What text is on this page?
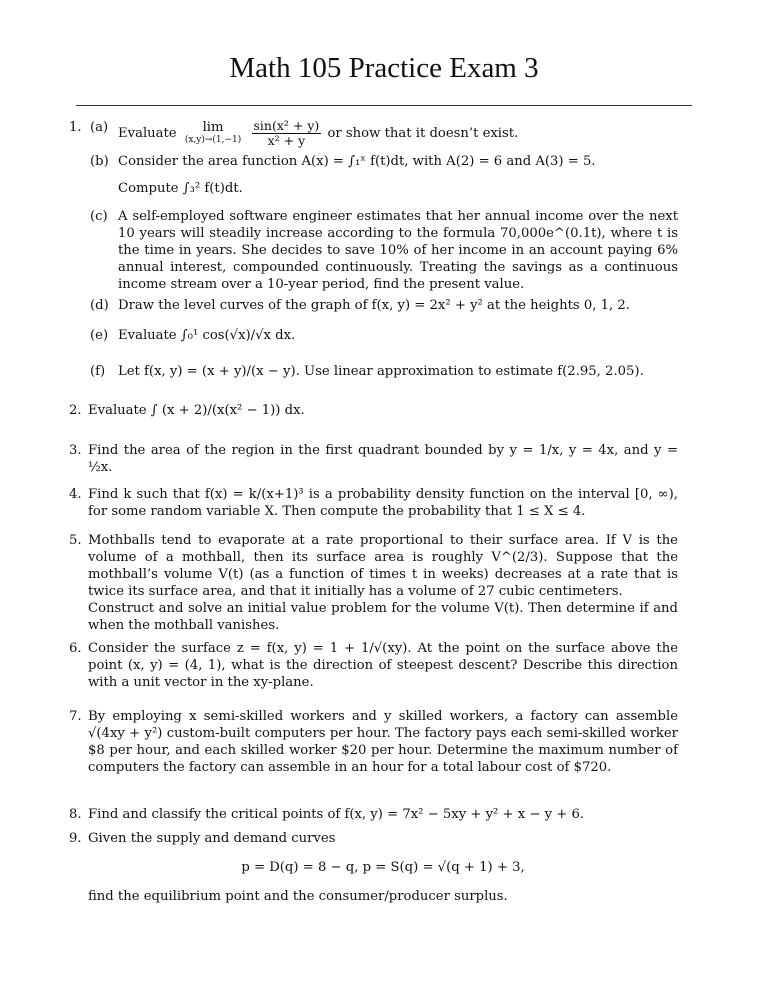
Math 105 Practice Exam 3
1. (a) Evaluate	lim
(x,y)→(1,−1)
$\frac{\text{sin(x² + y)}}{\text{x² + y}}$ or show that it doesn’t exist.
(b) Consider the area function A(x) = ∫₁ˣ f(t)dt, with A(2) = 6 and A(3) = 5.
Compute ∫₃² f(t)dt.
(c) A self-employed software engineer estimates that her annual income over the next 10 years will steadily increase according to the formula 70,000e^(0.1t), where t is the time in years. She decides to save 10% of her income in an account paying 6% annual interest, compounded continuously. Treating the savings as a continuous income stream over a 10-year period, find the present value.
(d) Draw the level curves of the graph of f(x, y) = 2x² + y² at the heights 0, 1, 2.
(e) Evaluate ∫₀¹ cos(√x)/√x dx.
(f) Let f(x, y) = (x + y)/(x − y). Use linear approximation to estimate f(2.95, 2.05).
2. Evaluate ∫ (x + 2)/(x(x² − 1)) dx.
3. Find the area of the region in the first quadrant bounded by y = 1/x, y = 4x, and y = ½x.
4. Find k such that f(x) = k/(x+1)³ is a probability density function on the interval [0, ∞), for some random variable X. Then compute the probability that 1 ≤ X ≤ 4.
5. Mothballs tend to evaporate at a rate proportional to their surface area. If V is the volume of a mothball, then its surface area is roughly V^(2/3). Suppose that the mothball’s volume V(t) (as a function of times t in weeks) decreases at a rate that is twice its surface area, and that it initially has a volume of 27 cubic centimeters.
Construct and solve an initial value problem for the volume V(t). Then determine if and when the mothball vanishes.
6. Consider the surface z = f(x, y) = 1 + 1/√(xy). At the point on the surface above the point (x, y) = (4, 1), what is the direction of steepest descent? Describe this direction with a unit vector in the xy-plane.
7. By employing x semi-skilled workers and y skilled workers, a factory can assemble √(4xy + y²) custom-built computers per hour. The factory pays each semi-skilled worker $8 per hour, and each skilled worker $20 per hour. Determine the maximum number of computers the factory can assemble in an hour for a total labour cost of $720.
8. Find and classify the critical points of f(x, y) = 7x² − 5xy + y² + x − y + 6.
9. Given the supply and demand curves
p = D(q) = 8 − q, p = S(q) = √(q + 1) + 3,
find the equilibrium point and the consumer/producer surplus.
